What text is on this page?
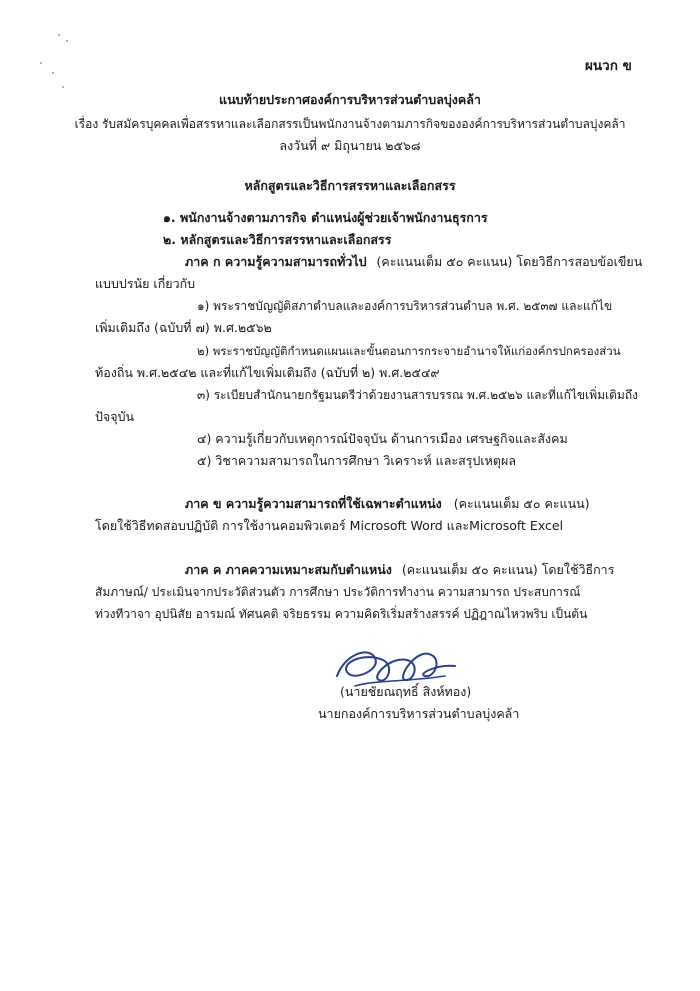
ผนวก ข
แนบท้ายประกาศองค์การบริหารส่วนตำบลบุ่งคล้า
เรื่อง รับสมัครบุคคลเพื่อสรรหาและเลือกสรรเป็นพนักงานจ้างตามภารกิจขององค์การบริหารส่วนตำบลบุ่งคล้า
ลงวันที่ ๙ มิถุนายน ๒๕๖๘
หลักสูตรและวิธีการสรรหาและเลือกสรร
๑. พนักงานจ้างตามภารกิจ ตำแหน่งผู้ช่วยเจ้าพนักงานธุรการ
๒. หลักสูตรและวิธีการสรรหาและเลือกสรร
ภาค ก ความรู้ความสามารถทั่วไป (คะแนนเต็ม ๕๐ คะแนน) โดยวิธีการสอบข้อเขียน
แบบปรนัย เกี่ยวกับ
๑) พระราชบัญญัติสภาตำบลและองค์การบริหารส่วนตำบล พ.ศ. ๒๕๓๗ และแก้ไข
เพิ่มเติมถึง (ฉบับที่ ๗) พ.ศ.๒๕๖๒
๒) พระราชบัญญัติกำหนดแผนและขั้นตอนการกระจายอำนาจให้แก่องค์กรปกครองส่วน
ท้องถิ่น พ.ศ.๒๕๔๒ และที่แก้ไขเพิ่มเติมถึง (ฉบับที่ ๒) พ.ศ.๒๕๔๙
๓) ระเบียบสำนักนายกรัฐมนตรีว่าด้วยงานสารบรรณ พ.ศ.๒๕๒๖ และที่แก้ไขเพิ่มเติมถึง
ปัจจุบัน
๔) ความรู้เกี่ยวกับเหตุการณ์ปัจจุบัน ด้านการเมือง เศรษฐกิจและสังคม
๕) วิชาความสามารถในการศึกษา วิเคราะห์ และสรุปเหตุผล
ภาค ข ความรู้ความสามารถที่ใช้เฉพาะตำแหน่ง (คะแนนเต็ม ๕๐ คะแนน)
โดยใช้วิธีทดสอบปฏิบัติ การใช้งานคอมพิวเตอร์ Microsoft Word และMicrosoft Excel
ภาค ค ภาคความเหมาะสมกับตำแหน่ง (คะแนนเต็ม ๕๐ คะแนน) โดยใช้วิธีการ
สัมภาษณ์/ ประเมินจากประวัติส่วนตัว การศึกษา ประวัติการทำงาน ความสามารถ ประสบการณ์
ท่วงทีวาจา อุปนิสัย อารมณ์ ทัศนคติ จริยธรรม ความคิดริเริ่มสร้างสรรค์ ปฏิฎาณไหวพริบ เป็นต้น
(นายชัยณฤทธิ์ สิงห์ทอง)
นายกองค์การบริหารส่วนตำบลบุ่งคล้า
